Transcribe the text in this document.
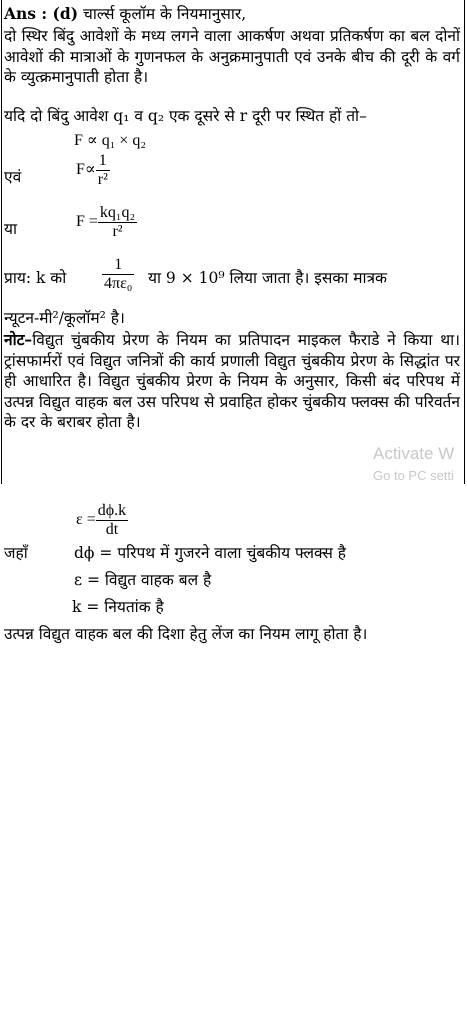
Ans : (d) चार्ल्स कूलॉम के नियमानुसार,
दो स्थिर बिंदु आवेशों के मध्य लगने वाला आकर्षण अथवा प्रतिकर्षण का बल दोनों आवेशों की मात्राओं के गुणनफल के अनुक्रमानुपाती एवं उनके बीच की दूरी के वर्ग के व्युत्क्रमानुपाती होता है।
यदि दो बिंदु आवेश q₁ व q₂ एक दूसरे से r दूरी पर स्थित हों तो–
F ∝ q₁ × q₂
एवं	$F\propto \frac{1}{\text{r²}}$
या	$F = \frac{\text{kq₁q₂}}{\text{r²}}$
प्राय: k को $\frac{1}{\text{4πε₀}}$ या 9 × 10⁹ लिया जाता है। इसका मात्रक
न्यूटन-मी²/कूलॉम² है।
नोट–विद्युत चुंबकीय प्रेरण के नियम का प्रतिपादन माइकल फैराडे ने किया था। ट्रांसफार्मरों एवं विद्युत जनित्रों की कार्य प्रणाली विद्युत चुंबकीय प्रेरण के सिद्धांत पर ही आधारित है। विद्युत चुंबकीय प्रेरण के नियम के अनुसार, किसी बंद परिपथ में उत्पन्न विद्युत वाहक बल उस परिपथ से प्रवाहित होकर चुंबकीय फ्लक्स की परिवर्तन के दर के बराबर होता है।
$\varepsilon = \frac{d\phi.k}{dt}$
जहाँ	dϕ = परिपथ में गुजरने वाला चुंबकीय फ्लक्स है
ε = विद्युत वाहक बल है
k = नियतांक है
उत्पन्न विद्युत वाहक बल की दिशा हेतु लेंज का नियम लागू होता है।
Activate W
Go to PC setti
